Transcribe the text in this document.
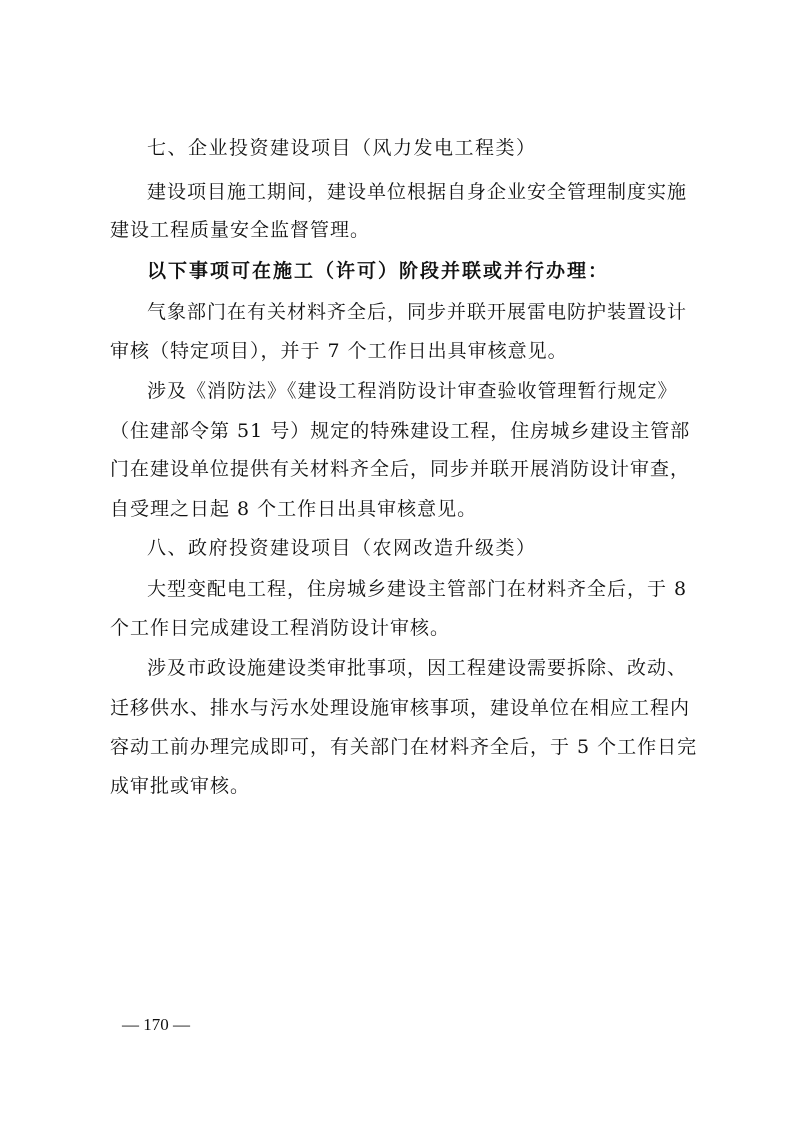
七、企业投资建设项目（风力发电工程类）
建设项目施工期间，建设单位根据自身企业安全管理制度实施
建设工程质量安全监督管理。
以下事项可在施工（许可）阶段并联或并行办理：
气象部门在有关材料齐全后，同步并联开展雷电防护装置设计
审核（特定项目），并于 7 个工作日出具审核意见。
涉及《消防法》《建设工程消防设计审查验收管理暂行规定》
（住建部令第 51 号）规定的特殊建设工程，住房城乡建设主管部
门在建设单位提供有关材料齐全后，同步并联开展消防设计审查，
自受理之日起 8 个工作日出具审核意见。
八、政府投资建设项目（农网改造升级类）
大型变配电工程，住房城乡建设主管部门在材料齐全后，于 8
个工作日完成建设工程消防设计审核。
涉及市政设施建设类审批事项，因工程建设需要拆除、改动、
迁移供水、排水与污水处理设施审核事项，建设单位在相应工程内
容动工前办理完成即可，有关部门在材料齐全后，于 5 个工作日完
成审批或审核。
— 170 —
